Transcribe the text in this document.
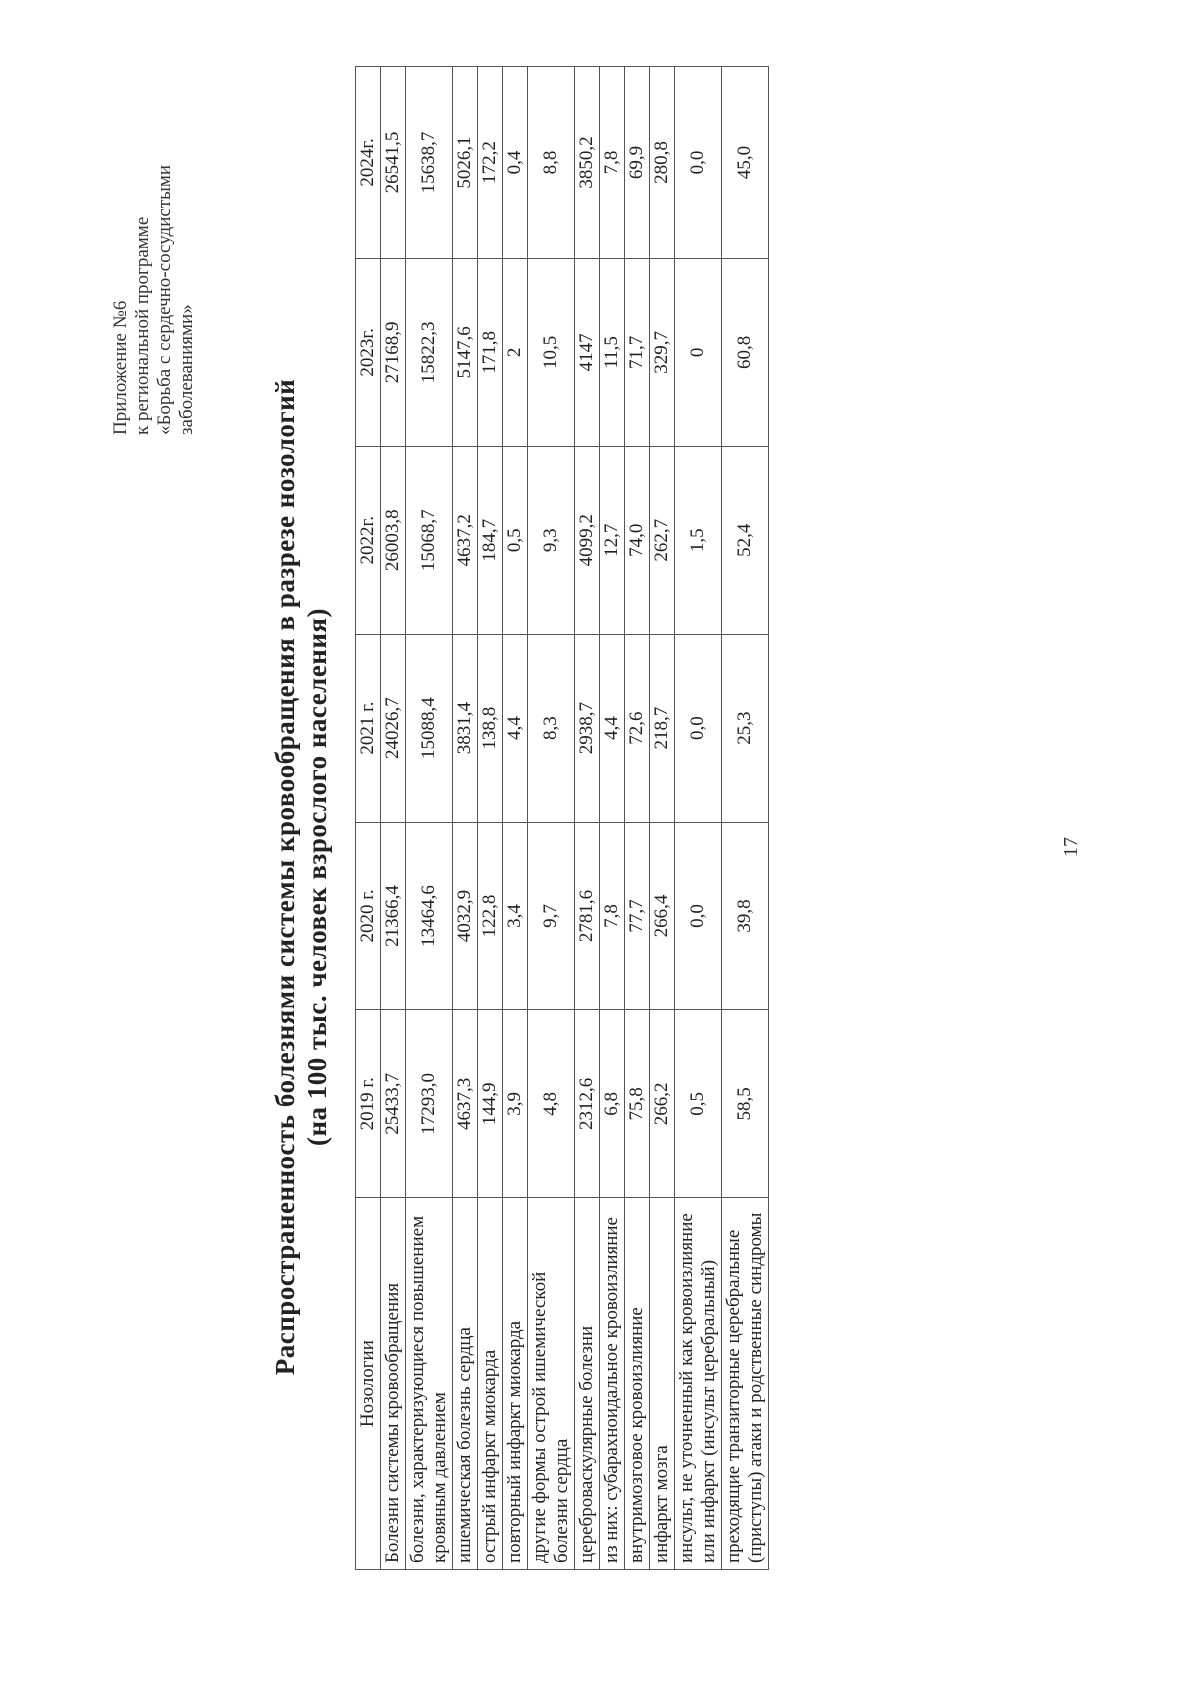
Приложение №6 к региональной программе «Борьба с сердечно-сосудистыми заболеваниями»
Распространенность болезнями системы кровообращения в разрезе нозологий (на 100 тыс. человек взрослого населения)
Нозологии	2019 г.	2020 г.	2021 г.	2022г.	2023г.	2024г.
Болезни системы кровообращения	25433,7	21366,4	24026,7	26003,8	27168,9	26541,5
болезни, характеризующиеся повышением кровяным давлением	17293,0	13464,6	15088,4	15068,7	15822,3	15638,7
ишемическая болезнь сердца	4637,3	4032,9	3831,4	4637,2	5147,6	5026,1
острый инфаркт миокарда	144,9	122,8	138,8	184,7	171,8	172,2
повторный инфаркт миокарда	3,9	3,4	4,4	0,5	2	0,4
другие формы острой ишемической болезни сердца	4,8	9,7	8,3	9,3	10,5	8,8
цереброваскулярные болезни	2312,6	2781,6	2938,7	4099,2	4147	3850,2
из них: субарахноидальное кровоизлияние	6,8	7,8	4,4	12,7	11,5	7,8
внутримозговое кровоизлияние	75,8	77,7	72,6	74,0	71,7	69,9
инфаркт мозга	266,2	266,4	218,7	262,7	329,7	280,8
инсульт, не уточненный как кровоизлияние или инфаркт (инсульт церебральный)	0,5	0,0	0,0	1,5	0	0,0
преходящие транзиторные церебральные (приступы) атаки и родственные синдромы	58,5	39,8	25,3	52,4	60,8	45,0
17
